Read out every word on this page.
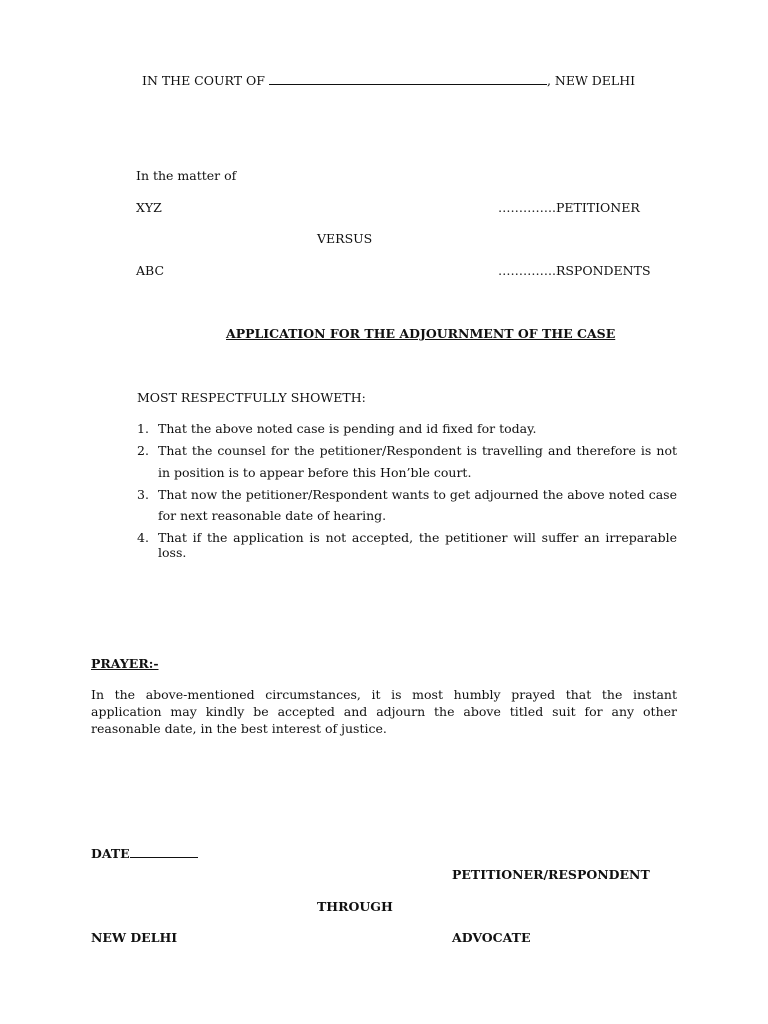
IN THE COURT OF	, NEW DELHI
In the matter of
XYZ	…………..PETITIONER
VERSUS
ABC	…………..RSPONDENTS
APPLICATION FOR THE ADJOURNMENT OF THE CASE
MOST RESPECTFULLY SHOWETH:
1. That the above noted case is pending and id fixed for today.
2. That the counsel for the petitioner/Respondent is travelling and therefore is not in position is to appear before this Hon’ble court.
3. That now the petitioner/Respondent wants to get adjourned the above noted case for next reasonable date of hearing.
4. That if the application is not accepted, the petitioner will suffer an irreparable loss.
PRAYER:-

In the above-mentioned circumstances, it is most humbly prayed that the instant application may kindly be accepted and adjourn the above titled suit for any other reasonable date, in the best interest of justice.

DATE
PETITIONER/RESPONDENT
THROUGH
NEW DELHI	ADVOCATE
